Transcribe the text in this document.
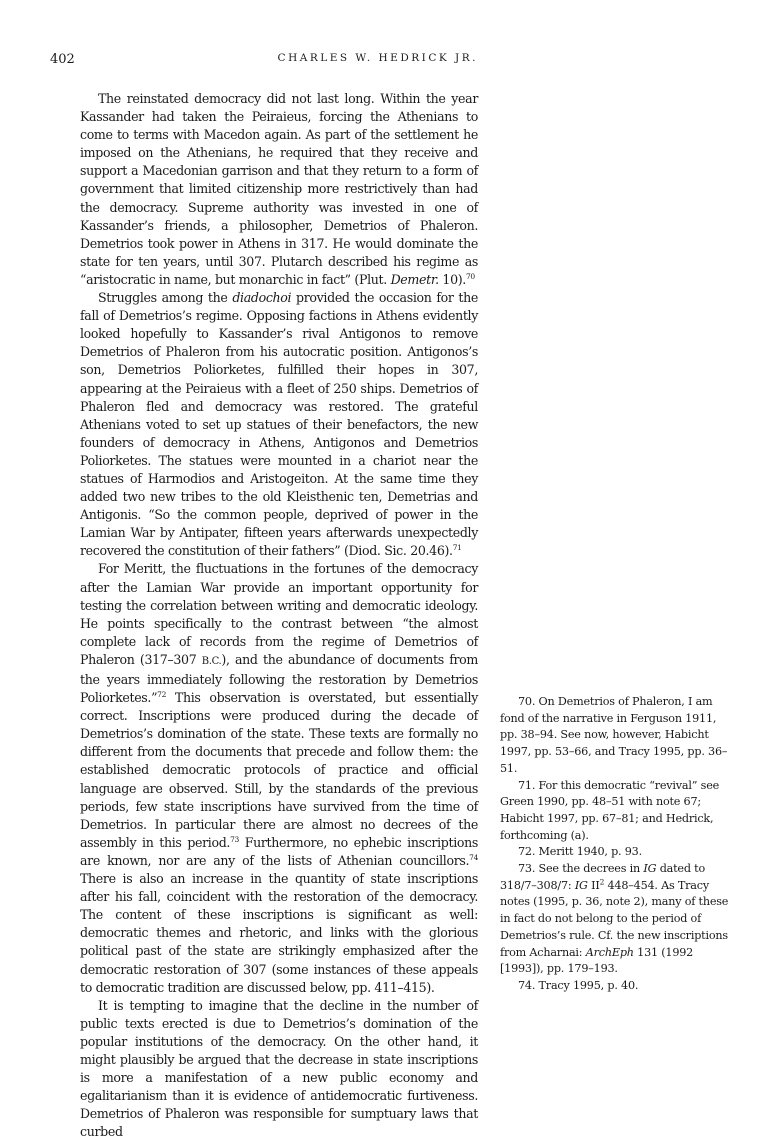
402	CHARLES W. HEDRICK JR.

The reinstated democracy did not last long. Within the year Kassander had taken the Peiraieus, forcing the Athenians to come to terms with Macedon again. As part of the settlement he imposed on the Athenians, he required that they receive and support a Macedonian garrison and that they return to a form of government that limited citizenship more restrictively than had the democracy. Supreme authority was invested in one of Kassander’s friends, a philosopher, Demetrios of Phaleron. Demetrios took power in Athens in 317. He would dominate the state for ten years, until 307. Plutarch described his regime as “aristocratic in name, but monarchic in fact” (Plut. Demetr. 10).$^{70}$

Struggles among the diadochoi provided the occasion for the fall of Demetrios’s regime. Opposing factions in Athens evidently looked hopefully to Kassander’s rival Antigonos to remove Demetrios of Phaleron from his autocratic position. Antigonos’s son, Demetrios Poliorketes, fulfilled their hopes in 307, appearing at the Peiraieus with a fleet of 250 ships. Demetrios of Phaleron fled and democracy was restored. The grateful Athenians voted to set up statues of their benefactors, the new founders of democracy in Athens, Antigonos and Demetrios Poliorketes. The statues were mounted in a chariot near the statues of Harmodios and Aristogeiton. At the same time they added two new tribes to the old Kleisthenic ten, Demetrias and Antigonis. “So the common people, deprived of power in the Lamian War by Antipater, fifteen years afterwards unexpectedly recovered the constitution of their fathers” (Diod. Sic. 20.46).$^{71}$

For Meritt, the fluctuations in the fortunes of the democracy after the Lamian War provide an important opportunity for testing the correlation between writing and democratic ideology. He points specifically to the contrast between “the almost complete lack of records from the regime of Demetrios of Phaleron (317–307 B.C.), and the abundance of documents from the years immediately following the restoration by Demetrios Poliorketes.”$^{72}$ This observation is overstated, but essentially correct. Inscriptions were produced during the decade of Demetrios’s domination of the state. These texts are formally no different from the documents that precede and follow them: the established democratic protocols of practice and official language are observed. Still, by the standards of the previous periods, few state inscriptions have survived from the time of Demetrios. In particular there are almost no decrees of the assembly in this period.$^{73}$ Furthermore, no ephebic inscriptions are known, nor are any of the lists of Athenian councillors.$^{74}$ There is also an increase in the quantity of state inscriptions after his fall, coincident with the restoration of the democracy. The content of these inscriptions is significant as well: democratic themes and rhetoric, and links with the glorious political past of the state are strikingly emphasized after the democratic restoration of 307 (some instances of these appeals to democratic tradition are discussed below, pp. 411–415).

It is tempting to imagine that the decline in the number of public texts erected is due to Demetrios’s domination of the popular institutions of the democracy. On the other hand, it might plausibly be argued that the decrease in state inscriptions is more a manifestation of a new public economy and egalitarianism than it is evidence of antidemocratic furtiveness. Demetrios of Phaleron was responsible for sumptuary laws that curbed

70. On Demetrios of Phaleron, I am fond of the narrative in Ferguson 1911, pp. 38–94. See now, however, Habicht 1997, pp. 53–66, and Tracy 1995, pp. 36–51.

71. For this democratic “revival” see Green 1990, pp. 48–51 with note 67; Habicht 1997, pp. 67–81; and Hedrick, forthcoming (a).

72. Meritt 1940, p. 93.

73. See the decrees in IG dated to 318/7–308/7: IG $II^2$ 448–454. As Tracy notes (1995, p. 36, note 2), many of these in fact do not belong to the period of Demetrios’s rule. Cf. the new inscriptions from Acharnai: ArchEph 131 (1992 [1993]), pp. 179–193.

74. Tracy 1995, p. 40.
